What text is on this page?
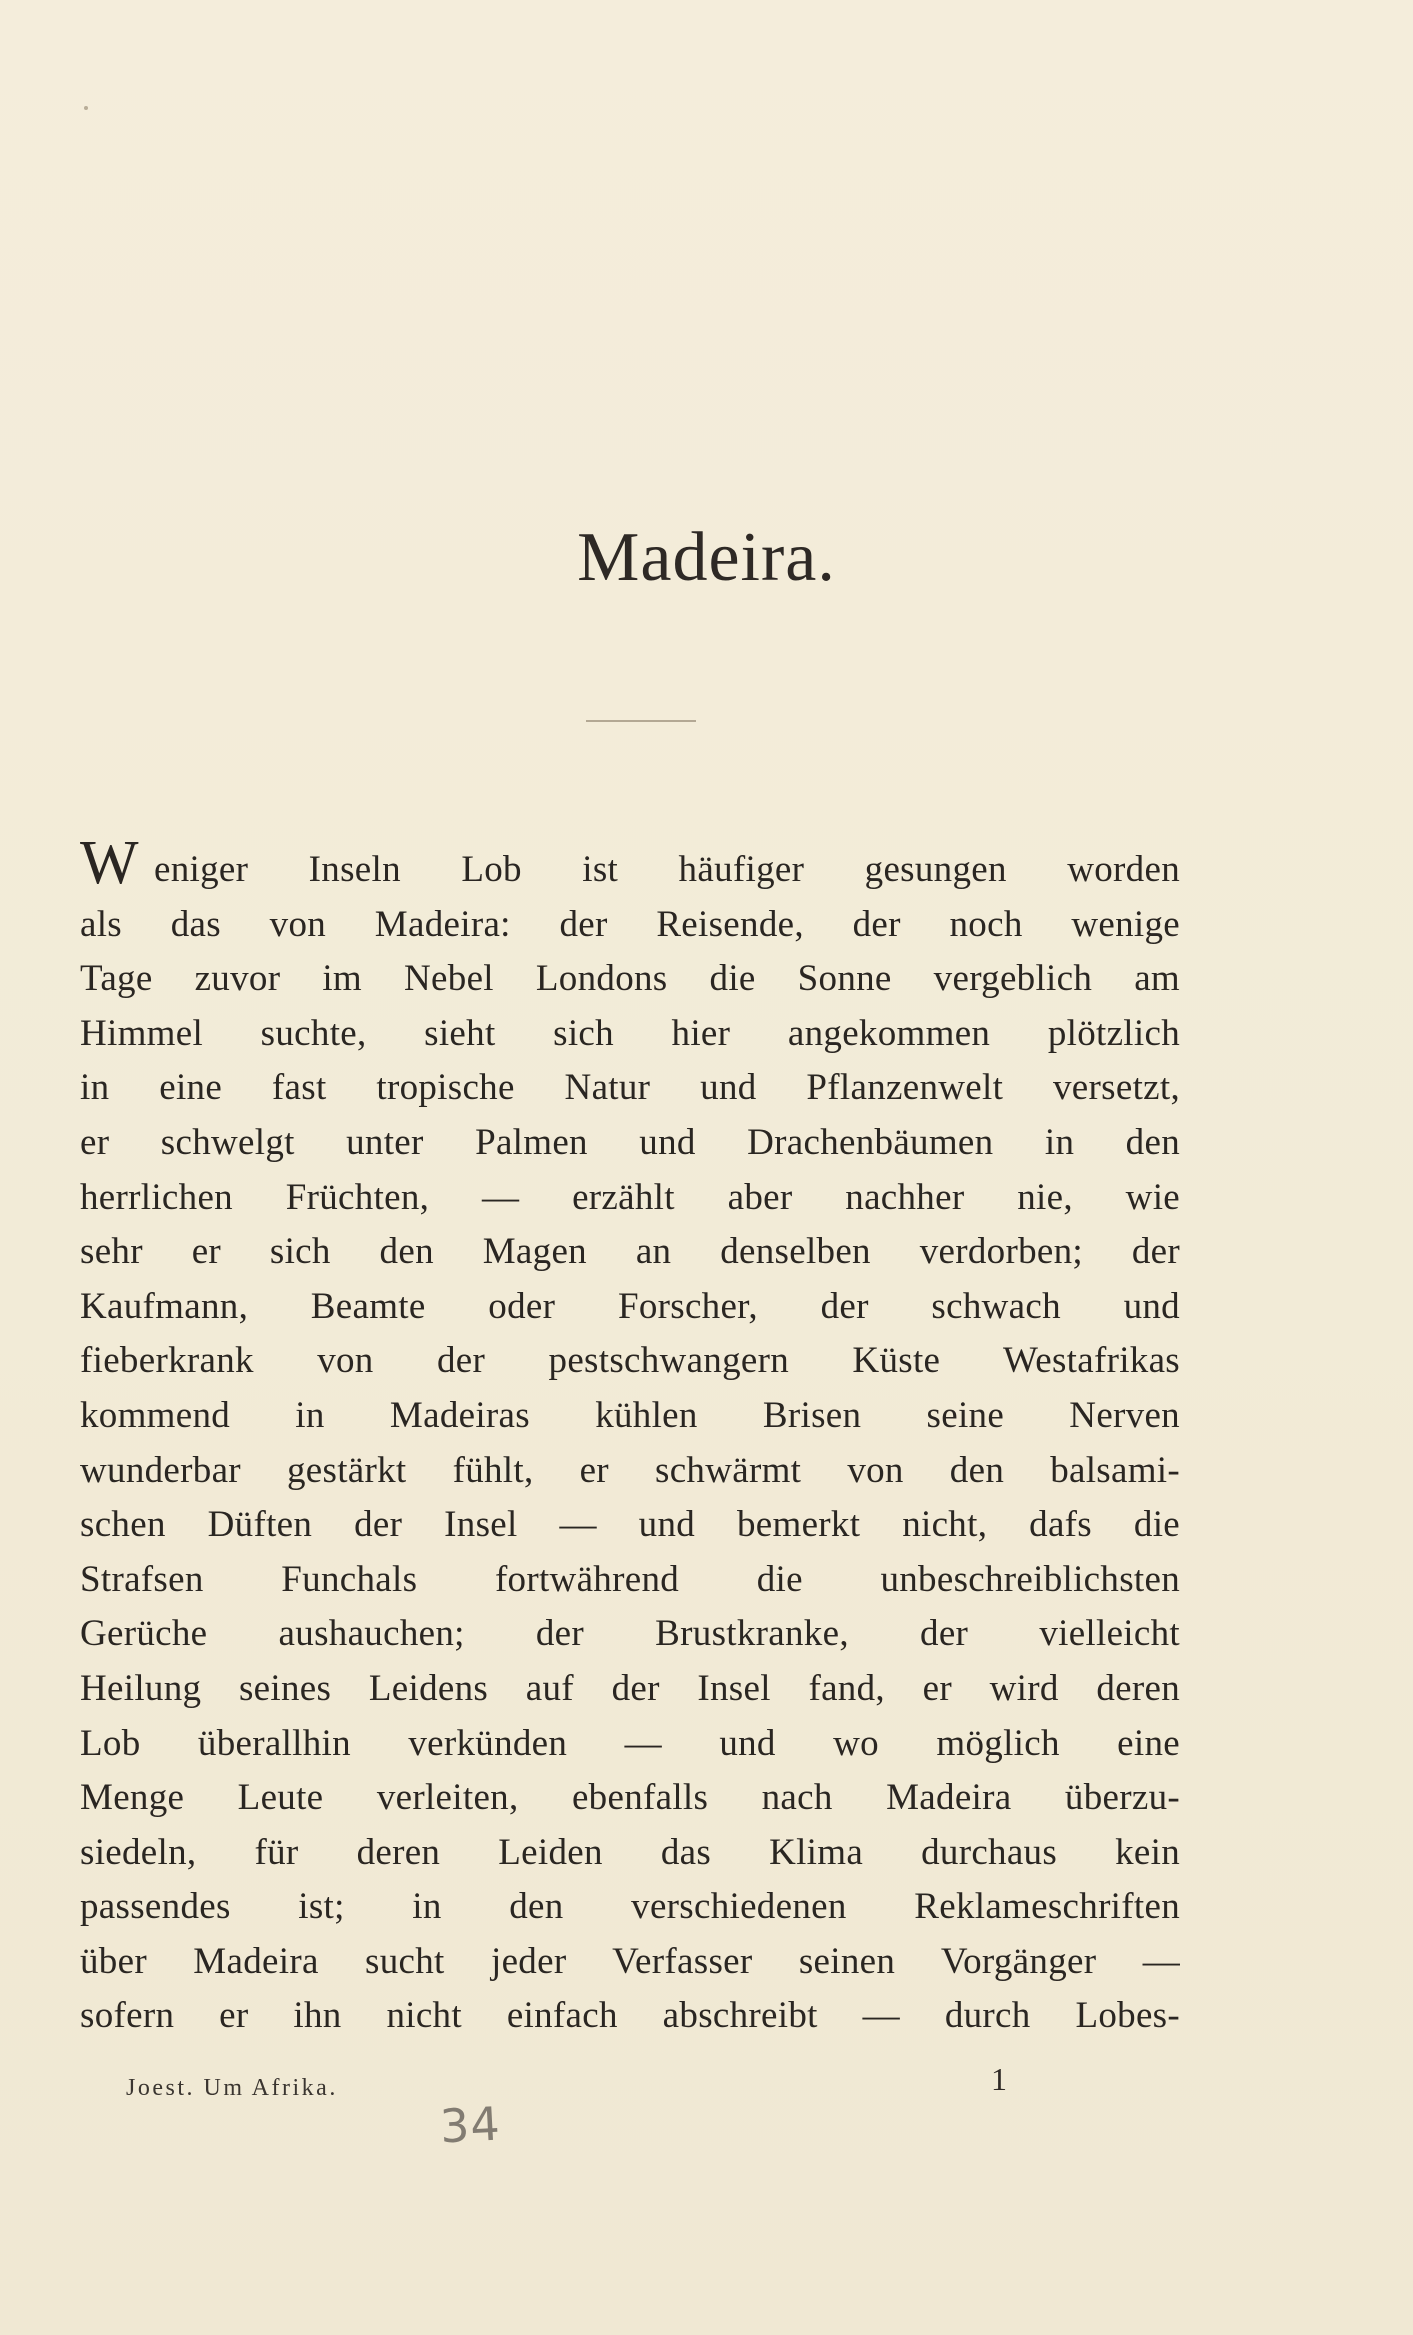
Madeira.
W eniger Inseln Lob ist häufiger gesungen worden
als das von Madeira: der Reisende, der noch wenige
Tage zuvor im Nebel Londons die Sonne vergeblich am
Himmel suchte, sieht sich hier angekommen plötzlich
in eine fast tropische Natur und Pflanzenwelt versetzt,
er schwelgt unter Palmen und Drachenbäumen in den
herrlichen Früchten, — erzählt aber nachher nie, wie
sehr er sich den Magen an denselben verdorben; der
Kaufmann, Beamte oder Forscher, der schwach und
fieberkrank von der pestschwangern Küste Westafrikas
kommend in Madeiras kühlen Brisen seine Nerven
wunderbar gestärkt fühlt, er schwärmt von den balsami-
schen Düften der Insel — und bemerkt nicht, dafs die
Strafsen Funchals fortwährend die unbeschreiblichsten
Gerüche aushauchen; der Brustkranke, der vielleicht
Heilung seines Leidens auf der Insel fand, er wird deren
Lob überallhin verkünden — und wo möglich eine
Menge Leute verleiten, ebenfalls nach Madeira überzu-
siedeln, für deren Leiden das Klima durchaus kein
passendes ist; in den verschiedenen Reklameschriften
über Madeira sucht jeder Verfasser seinen Vorgänger —
sofern er ihn nicht einfach abschreibt — durch Lobes-
Joest. Um Afrika.	1
34
